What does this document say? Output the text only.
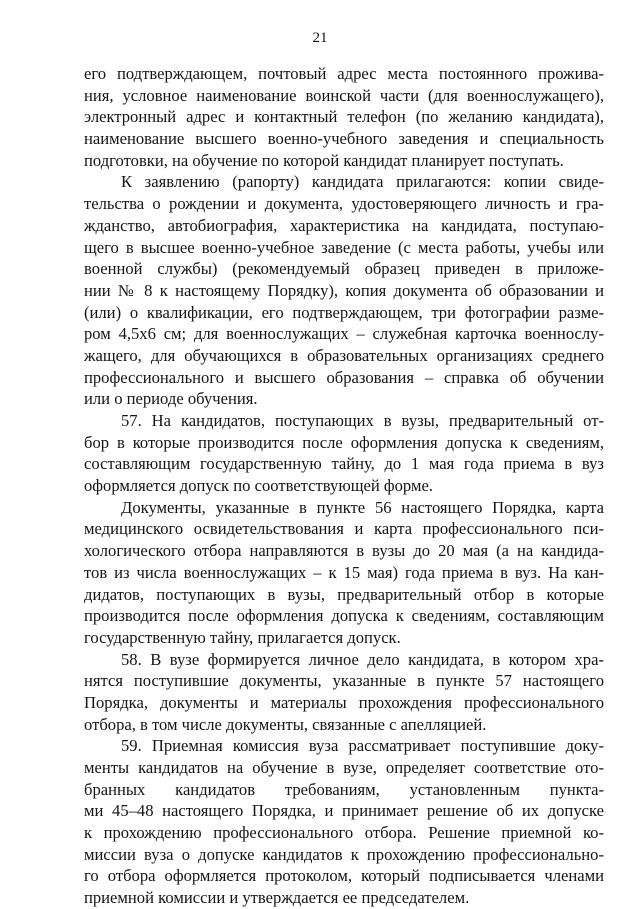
21
его подтверждающем, почтовый адрес места постоянного прожива-
ния, условное наименование воинской части (для военнослужащего),
электронный адрес и контактный телефон (по желанию кандидата),
наименование высшего военно-учебного заведения и специальность
подготовки, на обучение по которой кандидат планирует поступать.
К заявлению (рапорту) кандидата прилагаются: копии свиде-
тельства о рождении и документа, удостоверяющего личность и гра-
жданство, автобиография, характеристика на кандидата, поступаю-
щего в высшее военно-учебное заведение (с места работы, учебы или
военной службы) (рекомендуемый образец приведен в приложе-
нии № 8 к настоящему Порядку), копия документа об образовании и
(или) о квалификации, его подтверждающем, три фотографии разме-
ром 4,5х6 см; для военнослужащих – служебная карточка военнослу-
жащего, для обучающихся в образовательных организациях среднего
профессионального и высшего образования – справка об обучении
или о периоде обучения.
57. На кандидатов, поступающих в вузы, предварительный от-
бор в которые производится после оформления допуска к сведениям,
составляющим государственную тайну, до 1 мая года приема в вуз
оформляется допуск по соответствующей форме.
Документы, указанные в пункте 56 настоящего Порядка, карта
медицинского освидетельствования и карта профессионального пси-
хологического отбора направляются в вузы до 20 мая (а на кандида-
тов из числа военнослужащих – к 15 мая) года приема в вуз. На кан-
дидатов, поступающих в вузы, предварительный отбор в которые
производится после оформления допуска к сведениям, составляющим
государственную тайну, прилагается допуск.
58. В вузе формируется личное дело кандидата, в котором хра-
нятся поступившие документы, указанные в пункте 57 настоящего
Порядка, документы и материалы прохождения профессионального
отбора, в том числе документы, связанные с апелляцией.
59. Приемная комиссия вуза рассматривает поступившие доку-
менты кандидатов на обучение в вузе, определяет соответствие ото-
бранных кандидатов требованиям, установленным пункта-
ми 45–48 настоящего Порядка, и принимает решение об их допуске
к прохождению профессионального отбора. Решение приемной ко-
миссии вуза о допуске кандидатов к прохождению профессионально-
го отбора оформляется протоколом, который подписывается членами
приемной комиссии и утверждается ее председателем.
